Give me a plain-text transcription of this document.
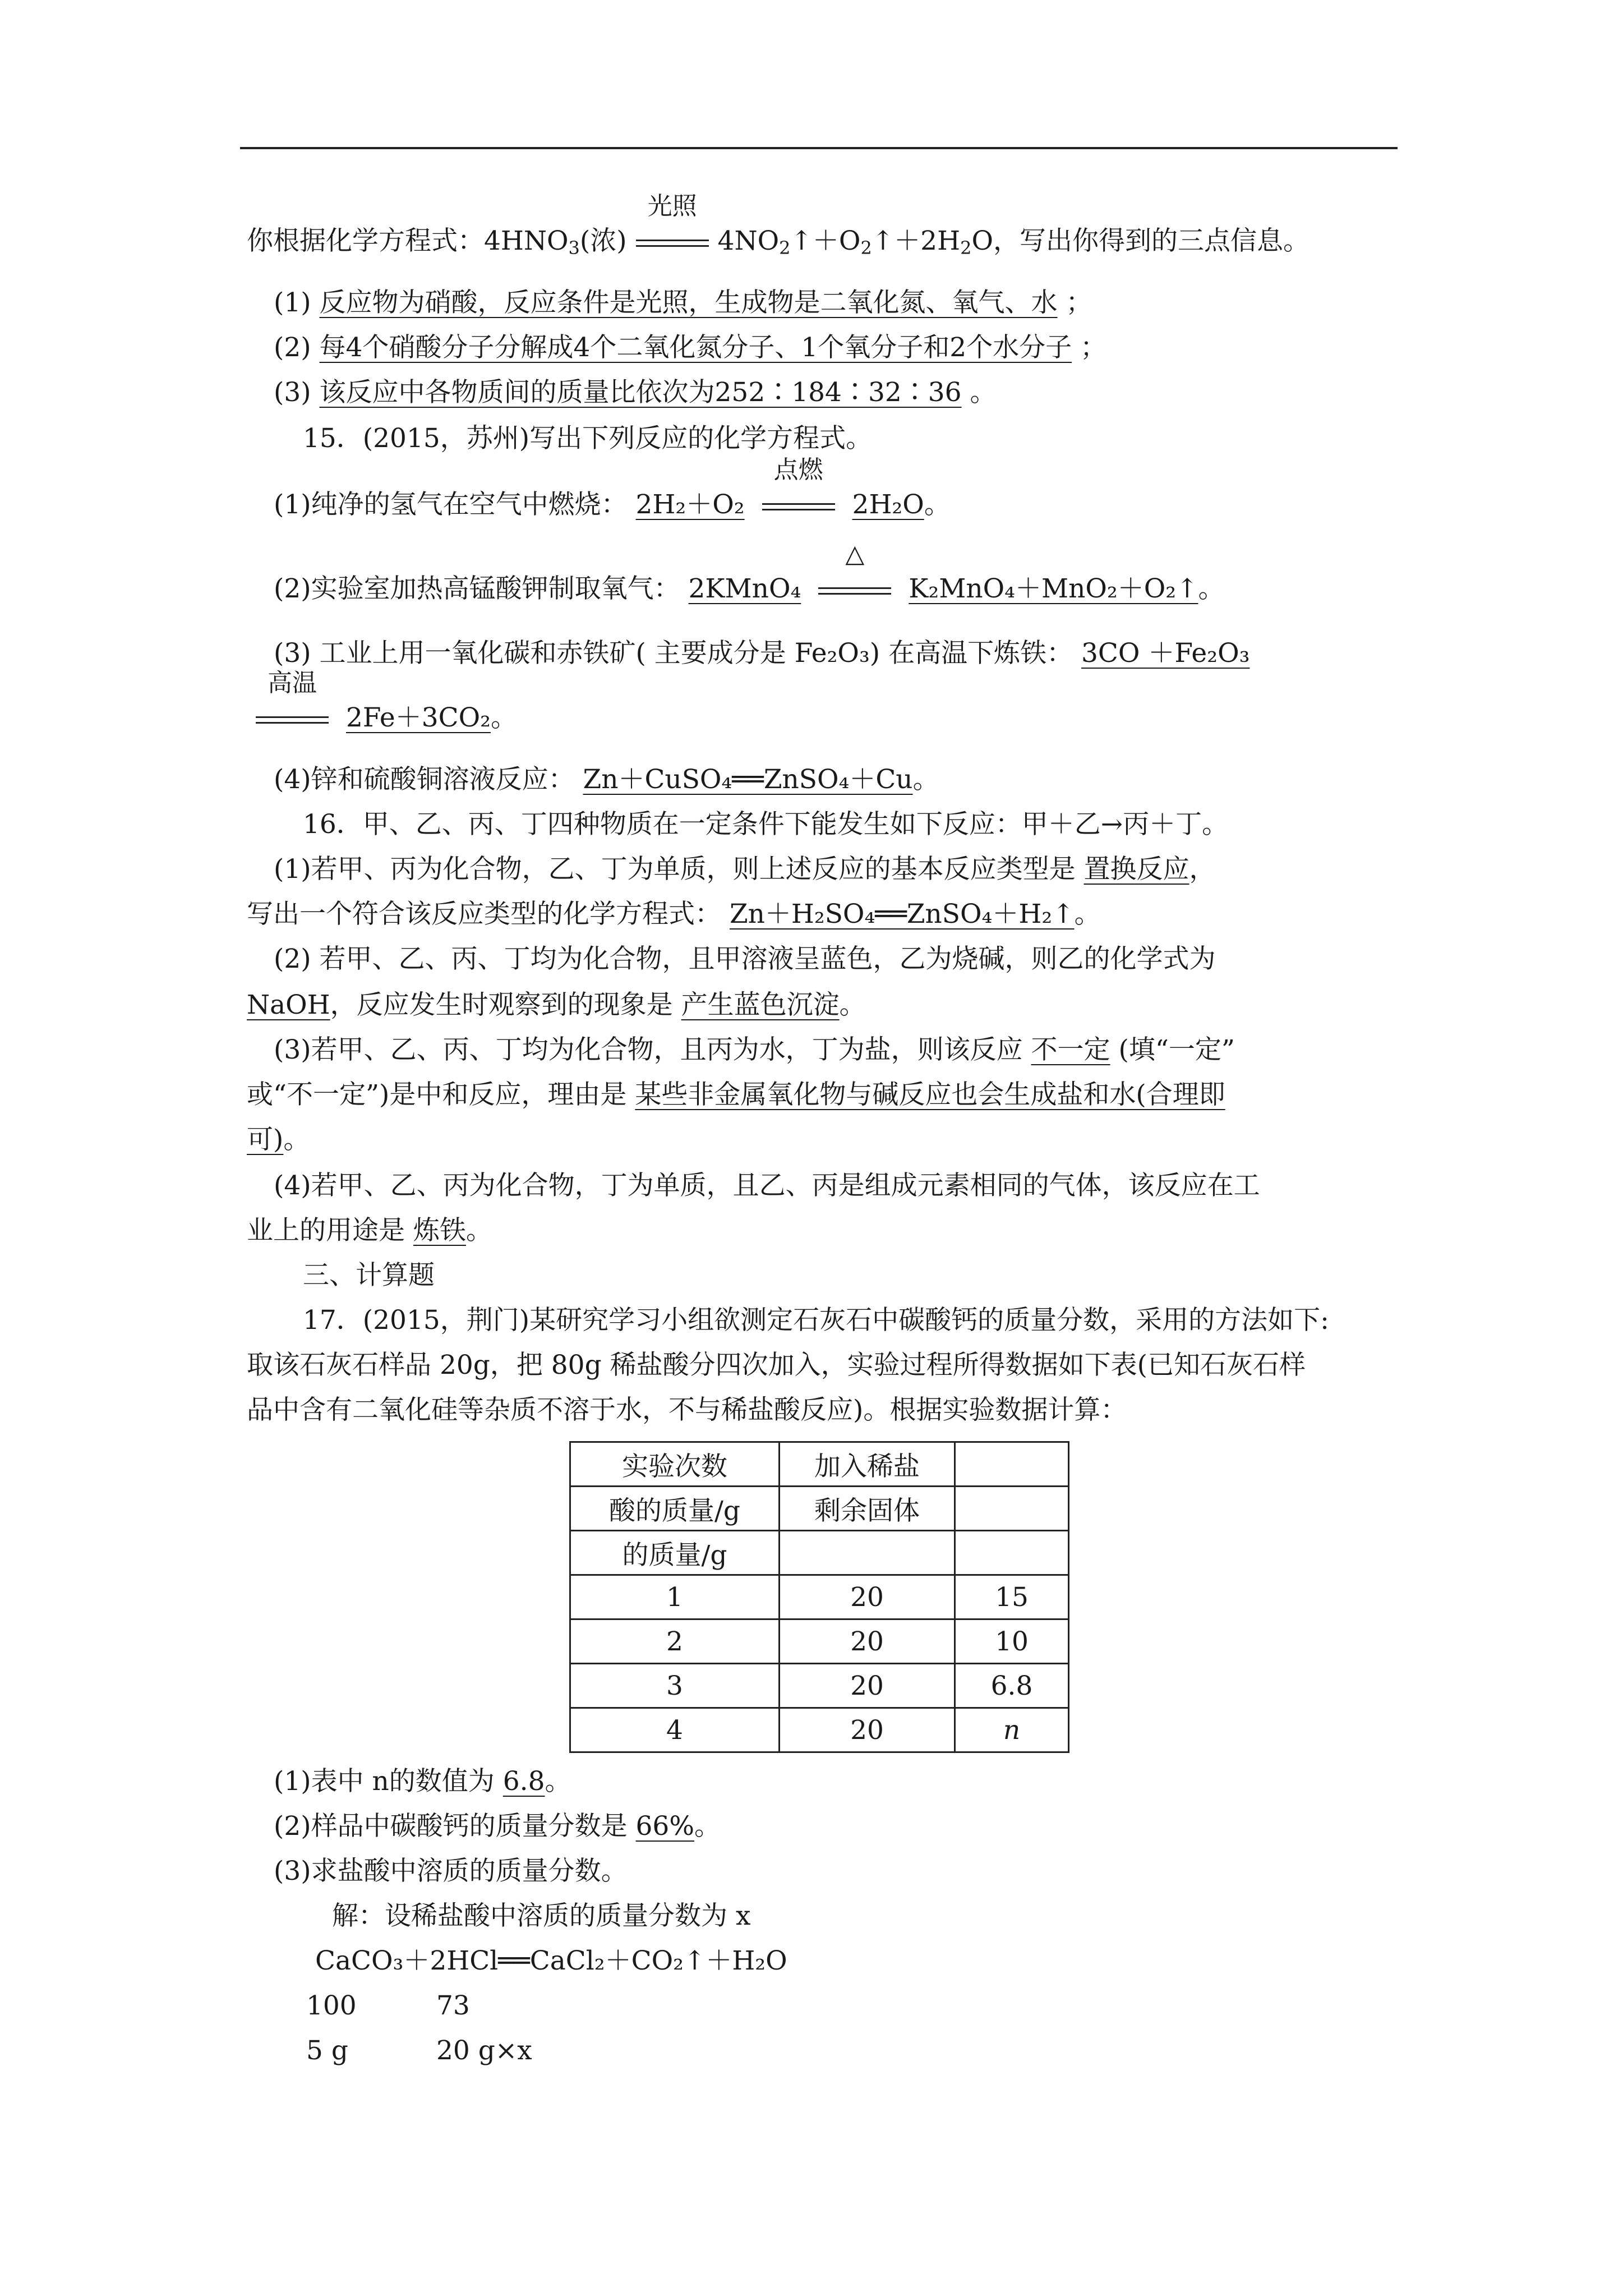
你根据化学方程式：$4HNO_3$(浓)
光照
$4NO_2↑+O_2↑+2H_2O$，写出你得到的三点信息。
(1) 反应物为硝酸，反应条件是光照，生成物是二氧化氮、氧气、水 ；
(2) 每4个硝酸分子分解成4个二氧化氮分子、1个氧分子和2个水分子 ；
(3) 该反应中各物质间的质量比依次为252∶184∶32∶36 。
15．(2015，苏州)写出下列反应的化学方程式。
(1)纯净的氢气在空气中燃烧： 2H₂＋O₂
点燃
2H₂O。
(2)实验室加热高锰酸钾制取氧气： 2KMnO₄
△
K₂MnO₄＋MnO₂＋O₂↑。
(3) 工业上用一氧化碳和赤铁矿( 主要成分是 Fe₂O₃) 在高温下炼铁： 3CO ＋Fe₂O₃
高温
2Fe＋3CO₂。
(4)锌和硫酸铜溶液反应： Zn＋CuSO₄══ZnSO₄＋Cu。
16．甲、乙、丙、丁四种物质在一定条件下能发生如下反应：甲＋乙→丙＋丁。
(1)若甲、丙为化合物，乙、丁为单质，则上述反应的基本反应类型是 置换反应，
写出一个符合该反应类型的化学方程式： Zn＋H₂SO₄══ZnSO₄＋H₂↑。
(2) 若甲、乙、丙、丁均为化合物，且甲溶液呈蓝色，乙为烧碱，则乙的化学式为
NaOH，反应发生时观察到的现象是 产生蓝色沉淀。
(3)若甲、乙、丙、丁均为化合物，且丙为水，丁为盐，则该反应 不一定 (填“一定”
或“不一定”)是中和反应，理由是 某些非金属氧化物与碱反应也会生成盐和水(合理即
可)。
(4)若甲、乙、丙为化合物，丁为单质，且乙、丙是组成元素相同的气体，该反应在工
业上的用途是 炼铁。
三、计算题
17．(2015，荆门)某研究学习小组欲测定石灰石中碳酸钙的质量分数，采用的方法如下:
取该石灰石样品 20g，把 80g 稀盐酸分四次加入，实验过程所得数据如下表(已知石灰石样
品中含有二氧化硅等杂质不溶于水，不与稀盐酸反应)。根据实验数据计算：
实验次数	加入稀盐	
酸的质量/g	剩余固体	
的质量/g		
1	20	15
2	20	10
3	20	6.8
4	20	n
(1)表中 n的数值为 6.8。
(2)样品中碳酸钙的质量分数是 66%。
(3)求盐酸中溶质的质量分数。
解：设稀盐酸中溶质的质量分数为 x
CaCO₃＋2HCl══CaCl₂＋CO₂↑＋H₂O
100	73
5 g	20 g×x
